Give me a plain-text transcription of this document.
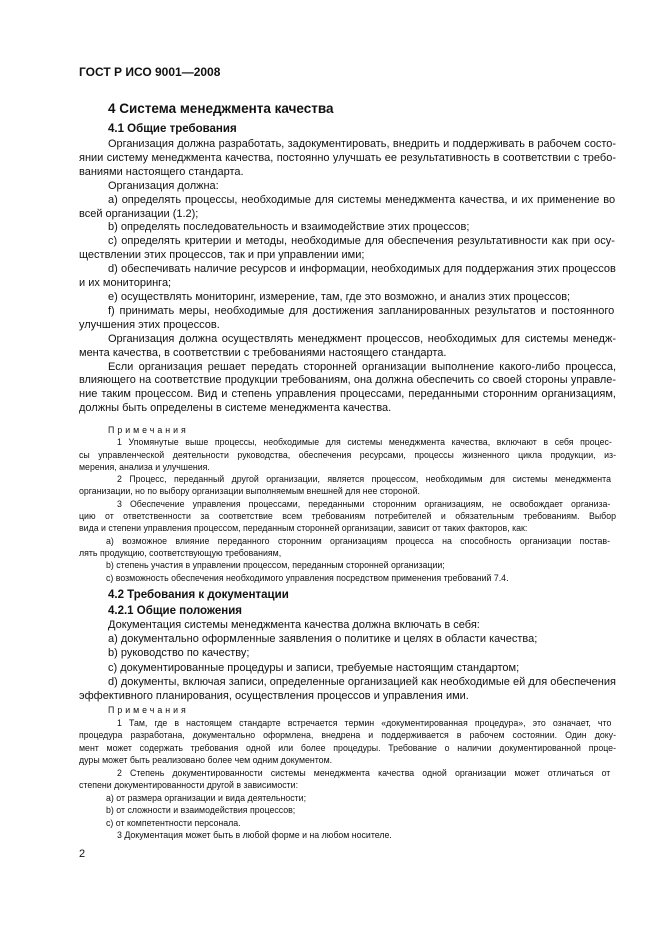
ГОСТ Р ИСО 9001—2008
4 Система менеджмента качества
4.1 Общие требования
Организация должна разработать, задокументировать, внедрить и поддерживать в рабочем состо-
янии систему менеджмента качества, постоянно улучшать ее результативность в соответствии с требо-
ваниями настоящего стандарта.
Организация должна:
а) определять процессы, необходимые для системы менеджмента качества, и их применение во
всей организации (1.2);
b) определять последовательность и взаимодействие этих процессов;
c) определять критерии и методы, необходимые для обеспечения результативности как при осу-
ществлении этих процессов, так и при управлении ими;
d) обеспечивать наличие ресурсов и информации, необходимых для поддержания этих процессов
и их мониторинга;
e) осуществлять мониторинг, измерение, там, где это возможно, и анализ этих процессов;
f) принимать меры, необходимые для достижения запланированных результатов и постоянного
улучшения этих процессов.
Организация должна осуществлять менеджмент процессов, необходимых для системы менедж-
мента качества, в соответствии с требованиями настоящего стандарта.
Если организация решает передать сторонней организации выполнение какого-либо процесса,
влияющего на соответствие продукции требованиям, она должна обеспечить со своей стороны управле-
ние таким процессом. Вид и степень управления процессами, переданными сторонним организациям,
должны быть определены в системе менеджмента качества.
Примечания
1 Упомянутые выше процессы, необходимые для системы менеджмента качества, включают в себя процес-
сы управленческой деятельности руководства, обеспечения ресурсами, процессы жизненного цикла продукции, из-
мерения, анализа и улучшения.
2 Процесс, переданный другой организации, является процессом, необходимым для системы менеджмента
организации, но по выбору организации выполняемым внешней для нее стороной.
3 Обеспечение управления процессами, переданными сторонним организациям, не освобождает организа-
цию от ответственности за соответствие всем требованиям потребителей и обязательным требованиям. Выбор
вида и степени управления процессом, переданным сторонней организации, зависит от таких факторов, как:
а) возможное влияние переданного сторонним организациям процесса на способность организации постав-
лять продукцию, соответствующую требованиям,
b) степень участия в управлении процессом, переданным сторонней организации;
c) возможность обеспечения необходимого управления посредством применения требований 7.4.
4.2 Требования к документации
4.2.1 Общие положения
Документация системы менеджмента качества должна включать в себя:
а) документально оформленные заявления о политике и целях в области качества;
b) руководство по качеству;
c) документированные процедуры и записи, требуемые настоящим стандартом;
d) документы, включая записи, определенные организацией как необходимые ей для обеспечения
эффективного планирования, осуществления процессов и управления ими.
Примечания
1 Там, где в настоящем стандарте встречается термин «документированная процедура», это означает, что
процедура разработана, документально оформлена, внедрена и поддерживается в рабочем состоянии. Один доку-
мент может содержать требования одной или более процедуры. Требование о наличии документированной проце-
дуры может быть реализовано более чем одним документом.
2 Степень документированности системы менеджмента качества одной организации может отличаться от
степени документированности другой в зависимости:
а) от размера организации и вида деятельности;
b) от сложности и взаимодействия процессов;
c) от компетентности персонала.
3 Документация может быть в любой форме и на любом носителе.
2
